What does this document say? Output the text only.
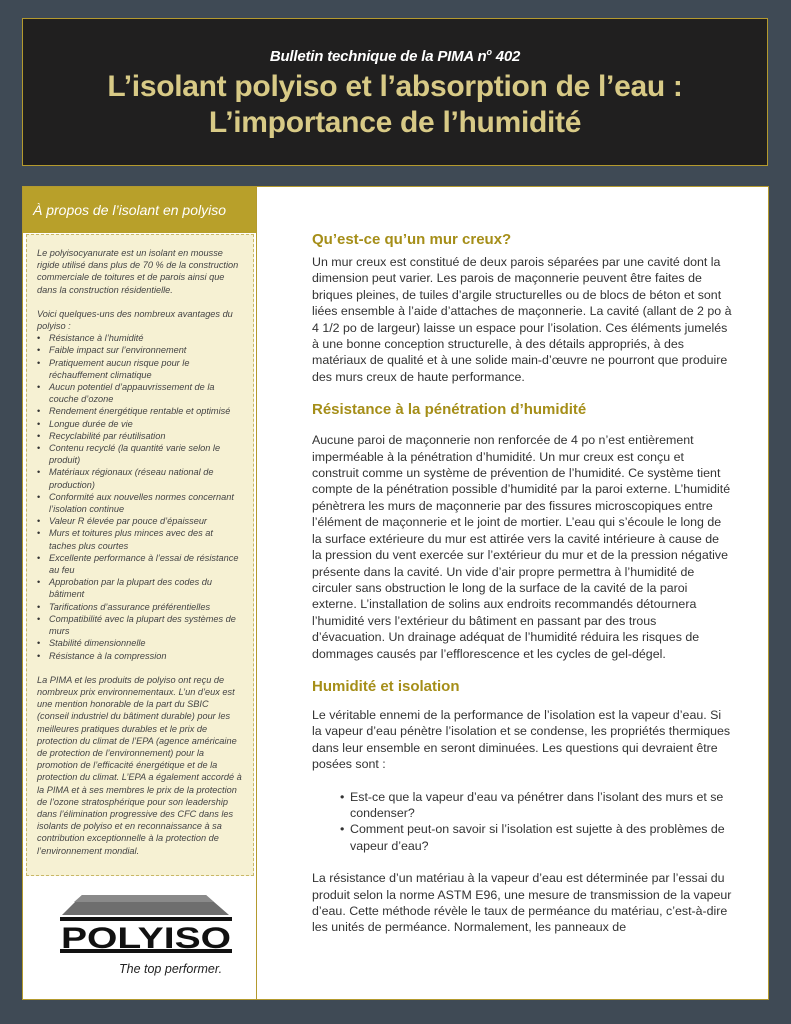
Bulletin technique de la PIMA $n^o$ 402
L’isolant polyiso et l’absorption de l’eau :
L’importance de l’humidité
À propos de l’isolant en polyiso

Le polyisocyanurate est un isolant en mousse rigide utilisé dans plus de 70 % de la construction commerciale de toitures et de parois ainsi que dans la construction résidentielle.

Voici quelques-uns des nombreux avantages du polyiso :
• Résistance à l’humidité
• Faible impact sur l’environnement
• Pratiquement aucun risque pour le réchauffement climatique
• Aucun potentiel d’appauvrissement de la couche d’ozone
• Rendement énergétique rentable et optimisé
• Longue durée de vie
• Recyclabilité par réutilisation
• Contenu recyclé (la quantité varie selon le produit)
• Matériaux régionaux (réseau national de production)
• Conformité aux nouvelles normes concernant l’isolation continue
• Valeur R élevée par pouce d’épaisseur
• Murs et toitures plus minces avec des at taches plus courtes
• Excellente performance à l’essai de résistance au feu
• Approbation par la plupart des codes du bâtiment
• Tarifications d’assurance préférentielles
• Compatibilité avec la plupart des systèmes de murs
• Stabilité dimensionnelle
• Résistance à la compression

La PIMA et les produits de polyiso ont reçu de nombreux prix environnementaux. L’un d’eux est une mention honorable de la part du SBIC (conseil industriel du bâtiment durable) pour les meilleures pratiques durables et le prix de protection du climat de l’EPA (agence américaine de protection de l’environnement) pour la promotion de l’efficacité énergétique et de la protection du climat. L’EPA a également accordé à la PIMA et à ses membres le prix de la protection de l’ozone stratosphérique pour son leadership dans l’élimination progressive des CFC dans les isolants de polyiso et en reconnaissance à sa contribution exceptionnelle à la protection de l’environnement mondial.

POLYISO
The top performer.
Qu’est-ce qu’un mur creux?

Un mur creux est constitué de deux parois séparées par une cavité dont la dimension peut varier. Les parois de maçonnerie peuvent être faites de briques pleines, de tuiles d’argile structurelles ou de blocs de béton et sont liées ensemble à l’aide d’attaches de maçonnerie. La cavité (allant de 2 po à 4 1/2 po de largeur) laisse un espace pour l’isolation. Ces éléments jumelés à une bonne conception structurelle, à des détails appropriés, à des matériaux de qualité et à une solide main-d’œuvre ne pourront que produire des murs creux de haute performance.

Résistance à la pénétration d’humidité

Aucune paroi de maçonnerie non renforcée de 4 po n’est entièrement imperméable à la pénétration d’humidité. Un mur creux est conçu et construit comme un système de prévention de l’humidité. Ce système tient compte de la pénétration possible d’humidité par la paroi externe. L’humidité pénètrera les murs de maçonnerie par des fissures microscopiques entre l’élément de maçonnerie et le joint de mortier. L’eau qui s’écoule le long de la surface extérieure du mur est attirée vers la cavité intérieure à cause de la pression du vent exercée sur l’extérieur du mur et de la pression négative présente dans la cavité. Un vide d’air propre permettra à l’humidité de circuler sans obstruction le long de la surface de la cavité de la paroi externe. L’installation de solins aux endroits recommandés détournera l’humidité vers l’extérieur du bâtiment en passant par des trous d’évacuation. Un drainage adéquat de l’humidité réduira les risques de dommages causés par l’efflorescence et les cycles de gel-dégel.

Humidité et isolation

Le véritable ennemi de la performance de l’isolation est la vapeur d’eau. Si la vapeur d’eau pénètre l’isolation et se condense, les propriétés thermiques dans leur ensemble en seront diminuées. Les questions qui devraient être posées sont :

• Est-ce que la vapeur d’eau va pénétrer dans l’isolant des murs et se condenser?
• Comment peut-on savoir si l’isolation est sujette à des problèmes de vapeur d’eau?

La résistance d’un matériau à la vapeur d’eau est déterminée par l’essai du produit selon la norme ASTM E96, une mesure de transmission de la vapeur d’eau. Cette méthode révèle le taux de perméance du matériau, c’est-à-dire les unités de perméance. Normalement, les panneaux de
